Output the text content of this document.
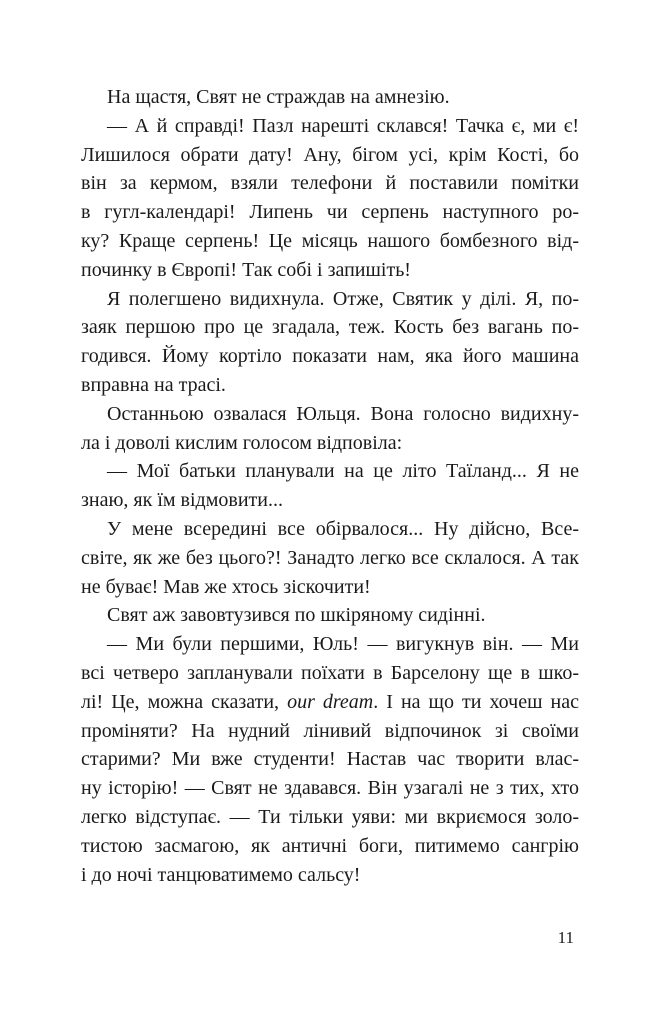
На щастя, Свят не страждав на амнезію.

— А й справді! Пазл нарешті склався! Тачка є, ми є!
Лишилося обрати дату! Ану, бігом усі, крім Кості, бо
він за кермом, взяли телефони й поставили помітки
в гугл-календарі! Липень чи серпень наступного ро-
ку? Краще серпень! Це місяць нашого бомбезного від-
починку в Європі! Так собі і запишіть!

Я полегшено видихнула. Отже, Святик у ділі. Я, по-
заяк першою про це згадала, теж. Кость без вагань по-
годився. Йому кортіло показати нам, яка його машина
вправна на трасі.

Останньою озвалася Юльця. Вона голосно видихну-
ла і доволі кислим голосом відповіла:

— Мої батьки планували на це літо Таїланд... Я не
знаю, як їм відмовити...

У мене всередині все обірвалося... Ну дійсно, Все-
світе, як же без цього?! Занадто легко все склалося. А так
не буває! Мав же хтось зіскочити!

Свят аж завовтузився по шкіряному сидінні.

— Ми були першими, Юль! — вигукнув він. — Ми
всі четверо запланували поїхати в Барселону ще в шко-
лі! Це, можна сказати, our dream. І на що ти хочеш нас
проміняти? На нудний лінивий відпочинок зі своїми
старими? Ми вже студенти! Настав час творити влас-
ну історію! — Свят не здавався. Він узагалі не з тих, хто
легко відступає. — Ти тільки уяви: ми вкриємося золо-
тистою засмагою, як античні боги, питимемо сангрію
і до ночі танцюватимемо сальсу!

11
